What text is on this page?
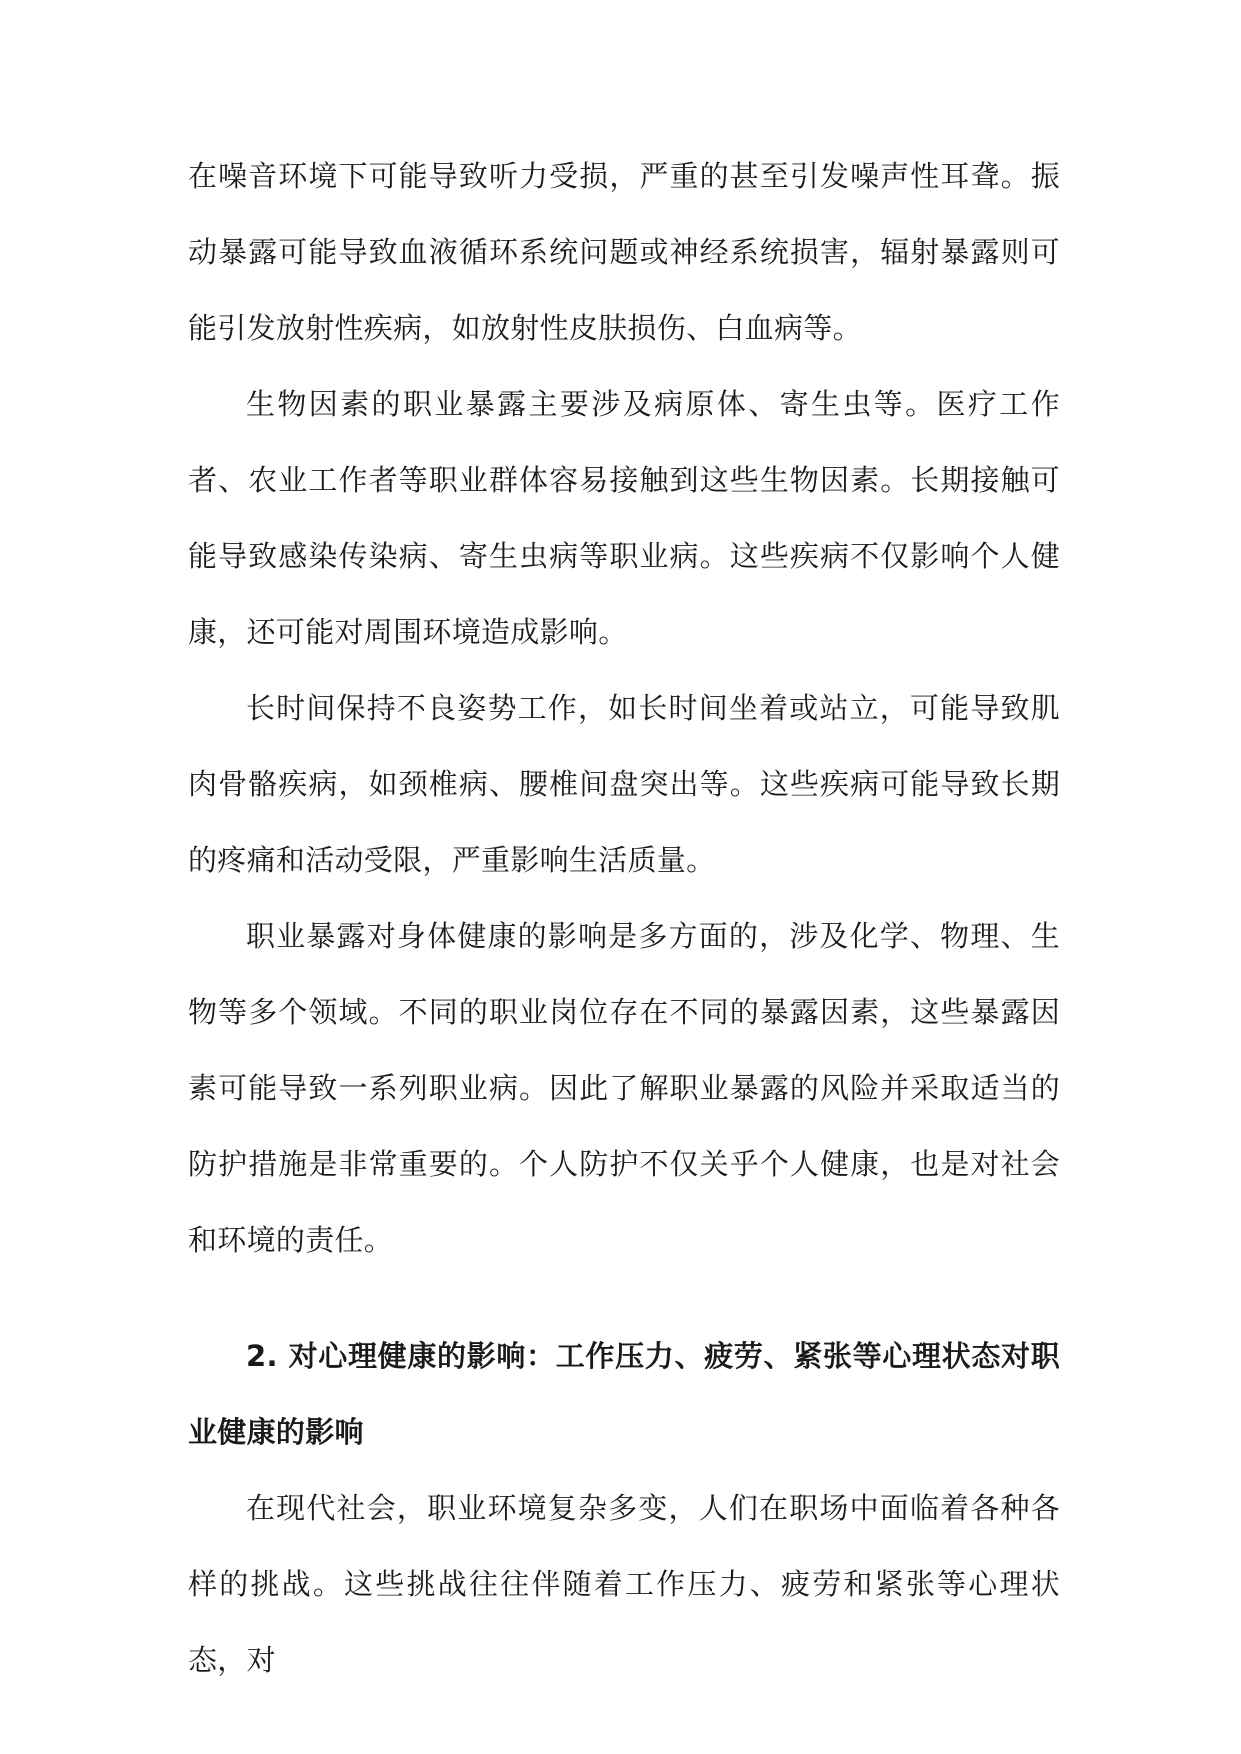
在噪音环境下可能导致听力受损，严重的甚至引发噪声性耳聋。振动暴露可能导致血液循环系统问题或神经系统损害，辐射暴露则可能引发放射性疾病，如放射性皮肤损伤、白血病等。

生物因素的职业暴露主要涉及病原体、寄生虫等。医疗工作者、农业工作者等职业群体容易接触到这些生物因素。长期接触可能导致感染传染病、寄生虫病等职业病。这些疾病不仅影响个人健康，还可能对周围环境造成影响。

长时间保持不良姿势工作，如长时间坐着或站立，可能导致肌肉骨骼疾病，如颈椎病、腰椎间盘突出等。这些疾病可能导致长期的疼痛和活动受限，严重影响生活质量。

职业暴露对身体健康的影响是多方面的，涉及化学、物理、生物等多个领域。不同的职业岗位存在不同的暴露因素，这些暴露因素可能导致一系列职业病。因此了解职业暴露的风险并采取适当的防护措施是非常重要的。个人防护不仅关乎个人健康，也是对社会和环境的责任。

2. 对心理健康的影响：工作压力、疲劳、紧张等心理状态对职业健康的影响

在现代社会，职业环境复杂多变，人们在职场中面临着各种各样的挑战。这些挑战往往伴随着工作压力、疲劳和紧张等心理状态，对
